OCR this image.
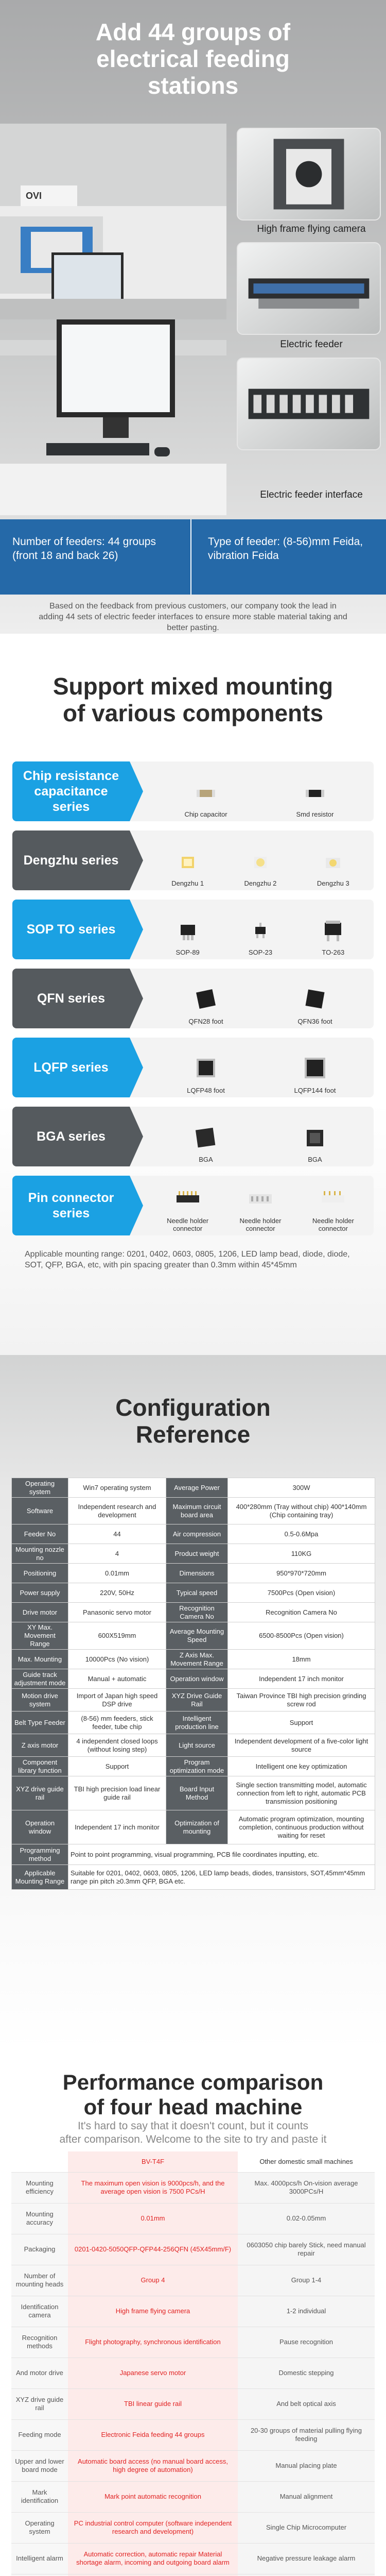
Add 44 groups of
electrical feeding
stations
OVI
High frame flying camera
Electric feeder
Electric feeder interface
Number of feeders: 44 groups (front 18 and back 26)
Type of feeder: (8-56)mm Feida, vibration Feida
Based on the feedback from previous customers, our company took the lead in adding 44 sets of electric feeder interfaces to ensure more stable material taking and better pasting.
Support mixed mounting
of various components
Chip resistance capacitance series
Chip capacitor	Smd resistor
Dengzhu series
Dengzhu 1	Dengzhu 2	Dengzhu 3
SOP TO series
SOP-89	SOP-23	TO-263
QFN series
QFN28 foot	QFN36 foot
LQFP series
LQFP48 foot	LQFP144 foot
BGA series
BGA	BGA
Pin connector series
Needle holder connector
Needle holder connector
Needle holder connector
Applicable mounting range: 0201, 0402, 0603, 0805, 1206, LED lamp bead, diode, diode, SOT, QFP, BGA, etc, with pin spacing greater than 0.3mm within 45*45mm
Configuration
Reference
Operating system	Win7 operating system	Average Power	300W
Software	Independent research and development	Maximum circuit board area	400*280mm (Tray without chip) 400*140mm (Chip containing tray)
Feeder No	44	Air compression	0.5-0.6Mpa
Mounting nozzle no	4	Product weight	110KG
Positioning	0.01mm	Dimensions	950*970*720mm
Power supply	220V, 50Hz	Typical speed	7500Pcs (Open vision)
Drive motor	Panasonic servo motor	Recognition Camera No	Recognition Camera No
XY Max. Movement Range	600X519mm	Average Mounting Speed	6500-8500Pcs (Open vision)
Max. Mounting	10000Pcs (No vision)	Z Axis Max. Movement Range	18mm
Guide track adjustment mode	Manual + automatic	Operation window	Independent 17 inch monitor
Motion drive system	Import of Japan high speed DSP drive	XYZ Drive Guide Rail	Taiwan Province TBI high precision grinding screw rod
Belt Type Feeder	(8-56) mm feeders, stick feeder, tube chip	Intelligent production line	Support
Z axis motor	4 independent closed loops (without losing step)	Light source	Independent development of a five-color light source
Component library function	Support	Program optimization mode	Intelligent one key optimization
XYZ drive guide rail	TBI high precision load linear guide rail	Board Input Method	Single section transmitting model, automatic connection from left to right, automatic PCB transmission positioning
Operation window	Independent 17 inch monitor	Optimization of mounting	Automatic program optimization, mounting completion, continuous production without waiting for reset
Programming method	Point to point programming, visual programming, PCB file coordinates inputting, etc.		
Applicable Mounting Range	Suitable for 0201, 0402, 0603, 0805, 1206, LED lamp beads, diodes, transistors, SOT,45mm*45mm range pin pitch ≥0.3mm QFP, BGA etc.		
Performance comparison
of four head machine
It's hard to say that it doesn't count, but it counts
after comparison. Welcome to the site to try and paste it
	BV-T4F	Other domestic small machines
Mounting efficiency	The maximum open vision is 9000pcs/h, and the average open vision is 7500 PCs/H	Max. 4000pcs/h On-vision average 3000PCs/H
Mounting accuracy	0.01mm	0.02-0.05mm
Packaging	0201-0420-5050QFP-QFP44-256QFN (45X45mm/F)	0603050 chip barely Stick, need manual repair
Number of mounting heads	Group 4	Group 1-4
Identification camera	High frame flying camera	1-2 individual
Recognition methods	Flight photography, synchronous identification	Pause recognition
And motor drive	Japanese servo motor	Domestic stepping
XYZ drive guide rail	TBI linear guide rail	And belt optical axis
Feeding mode	Electronic Feida feeding 44 groups	20-30 groups of material pulling flying feeding
Upper and lower board mode	Automatic board access (no manual board access, high degree of automation)	Manual placing plate
Mark identification	Mark point automatic recognition	Manual alignment
Operating system	PC industrial control computer (software independent research and development)	Single Chip Microcomputer
Intelligent alarm	Automatic correction, automatic repair Material shortage alarm, incoming and outgoing board alarm	Negative pressure leakage alarm
